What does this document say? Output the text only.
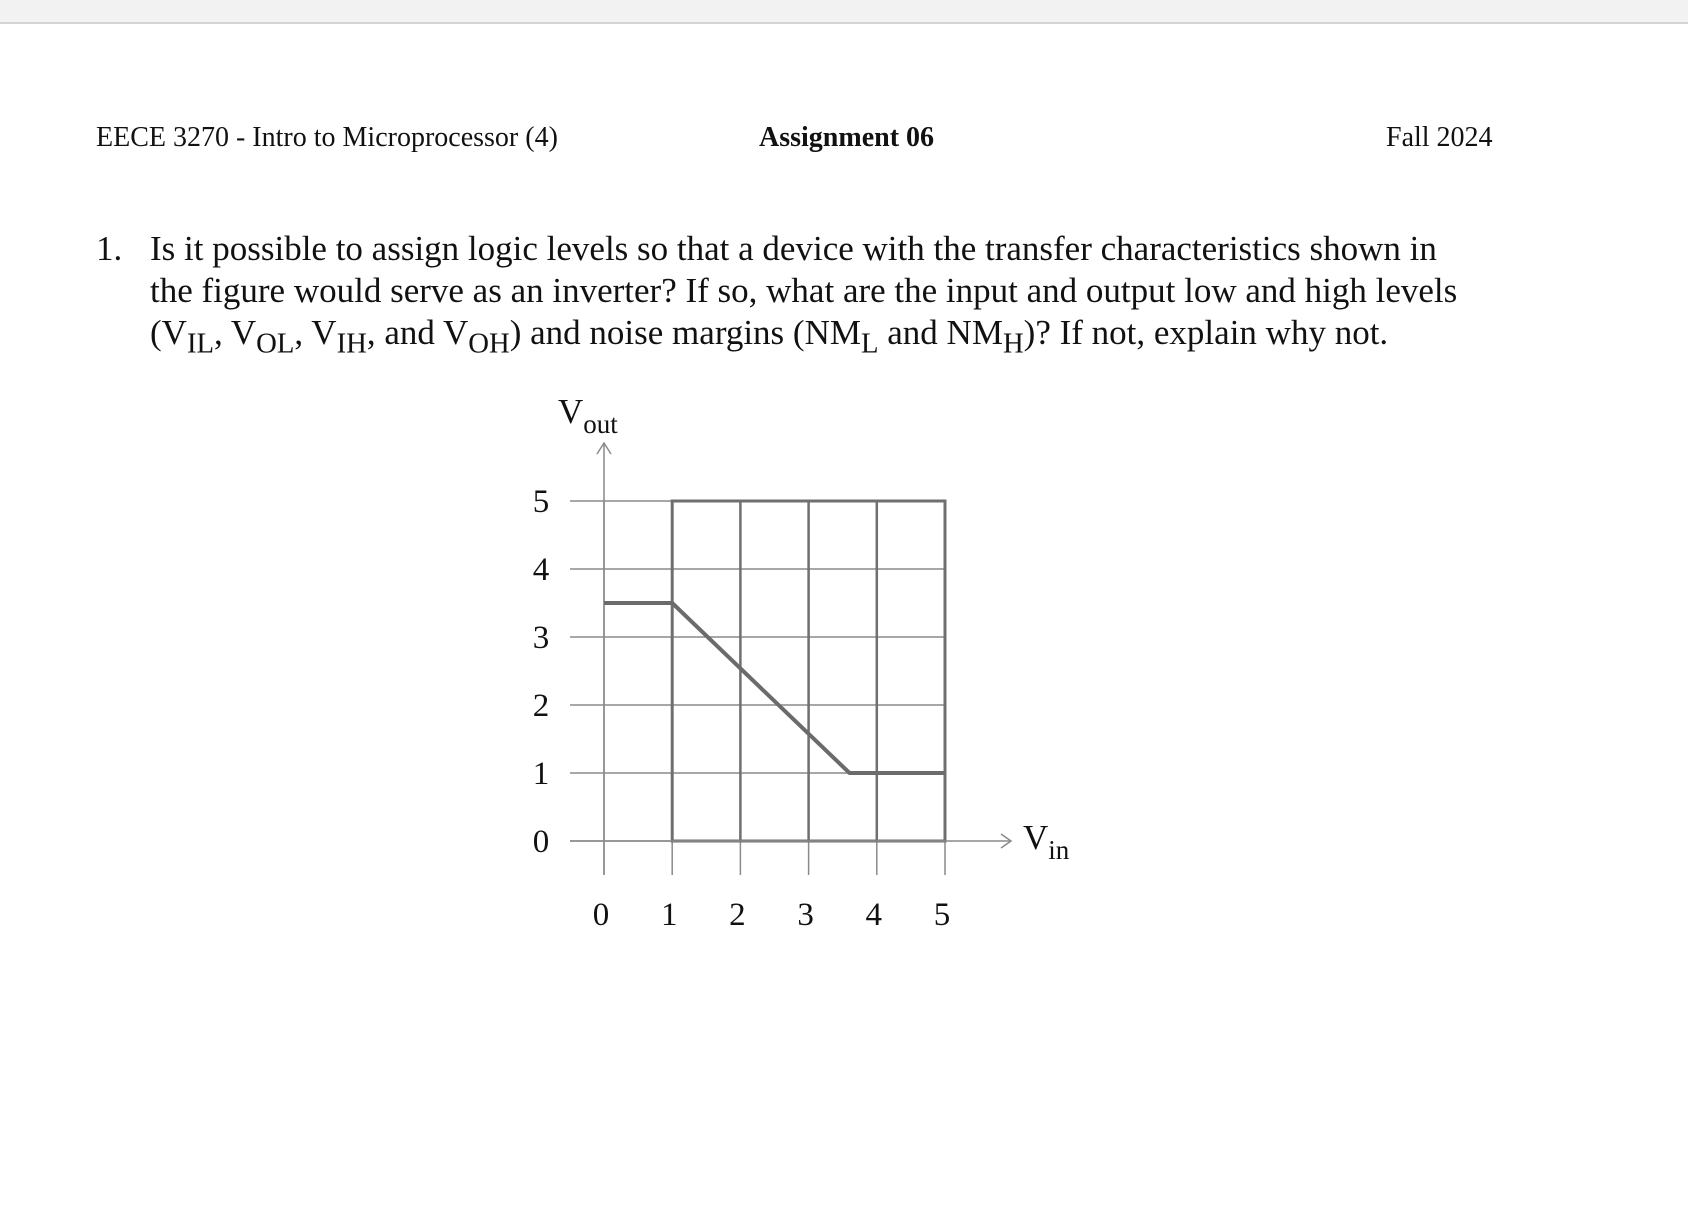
EECE 3270 - Intro to Microprocessor (4)	Assignment 06	Fall 2024
1. Is it possible to assign logic levels so that a device with the transfer characteristics shown in
the figure would serve as an inverter? If so, what are the input and output low and high levels
($V_{IL}$, $V_{OL}$, $V_{IH}$, and $V_{OH}$) and noise margins ($NM_L$ and $NM_H$)? If not, explain why not.
0
1
2
3
4
5
0 1 2 3 4 5
$V_{out}$
$V_{in}$
